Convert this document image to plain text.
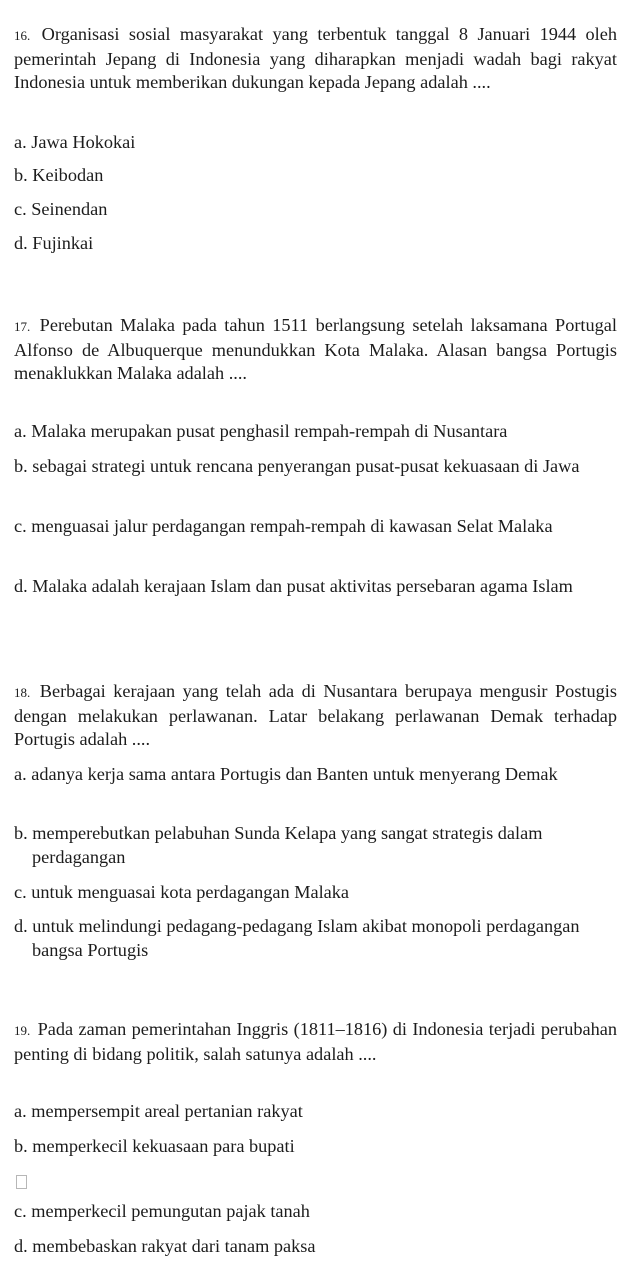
16. Organisasi sosial masyarakat yang terbentuk tanggal 8 Januari 1944 oleh pemerintah Jepang di Indonesia yang diharapkan menjadi wadah bagi rakyat Indonesia untuk memberikan dukungan kepada Jepang adalah ....

a. Jawa Hokokai

b. Keibodan

c. Seinendan

d. Fujinkai

17. Perebutan Malaka pada tahun 1511 berlangsung setelah laksamana Portugal Alfonso de Albuquerque menundukkan Kota Malaka. Alasan bangsa Portugis menaklukkan Malaka adalah ....

a. Malaka merupakan pusat penghasil rempah-rempah di Nusantara

b. sebagai strategi untuk rencana penyerangan pusat-pusat kekuasaan di Jawa

c. menguasai jalur perdagangan rempah-rempah di kawasan Selat Malaka

d. Malaka adalah kerajaan Islam dan pusat aktivitas persebaran agama Islam

18. Berbagai kerajaan yang telah ada di Nusantara berupaya mengusir Postugis dengan melakukan perlawanan. Latar belakang perlawanan Demak terhadap Portugis adalah ....

a. adanya kerja sama antara Portugis dan Banten untuk menyerang Demak

b. memperebutkan pelabuhan Sunda Kelapa yang sangat strategis dalam perdagangan

c. untuk menguasai kota perdagangan Malaka

d. untuk melindungi pedagang-pedagang Islam akibat monopoli perdagangan bangsa Portugis

19. Pada zaman pemerintahan Inggris (1811–1816) di Indonesia terjadi perubahan penting di bidang politik, salah satunya adalah ....

a. mempersempit areal pertanian rakyat

b. memperkecil kekuasaan para bupati

c. memperkecil pemungutan pajak tanah

d. membebaskan rakyat dari tanam paksa
